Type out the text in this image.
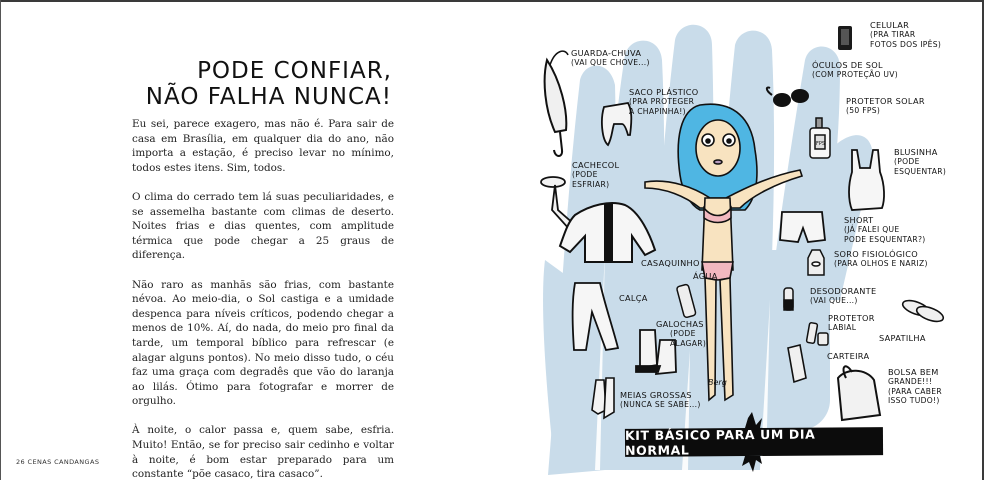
PODE CONFIAR,
NÃO FALHA NUNCA!

Eu sei, parece exagero, mas não é. Para sair de casa em Brasília, em qualquer dia do ano, não importa a estação, é preciso levar no mínimo, todos estes itens. Sim, todos.

O clima do cerrado tem lá suas peculiaridades, e se assemelha bastante com climas de deserto. Noites frias e dias quentes, com amplitude térmica que pode chegar a 25 graus de diferença.

Não raro as manhãs são frias, com bastante névoa. Ao meio-dia, o Sol castiga e a umidade despenca para níveis críticos, podendo chegar a menos de 10%. Aí, do nada, do meio pro final da tarde, um temporal bíblico para refrescar (e alagar alguns pontos). No meio disso tudo, o céu faz uma graça com degradês que vão do laranja ao lilás. Ótimo para fotografar e morrer de orgulho.

À noite, o calor passa e, quem sabe, esfria. Muito! Então, se for preciso sair cedinho e voltar à noite, é bom estar preparado para um constante “põe casaco, tira casaco”.

26 CENAS CANDANGAS
FPS
Berg
GUARDA-CHUVA
(VAI QUE CHOVE...)
SACO PLÁSTICO
(PRA PROTEGER
A CHAPINHA!)
CELULAR
(PRA TIRAR
FOTOS DOS IPÊS)
ÓCULOS DE SOL
(COM PROTEÇÃO UV)
PROTETOR SOLAR
(50 FPS)
CACHECOL
(PODE
ESFRIAR)
BLUSINHA
(PODE
ESQUENTAR)
SHORT
(JÁ FALEI QUE
PODE ESQUENTAR?)
CASAQUINHO
ÁGUA
SORO FISIOLÓGICO
(PARA OLHOS E NARIZ)
CALÇA
DESODORANTE
(VAI QUE...)
GALOCHAS
(PODE
ALAGAR)
PROTETOR
LABIAL
SAPATILHA
CARTEIRA
BOLSA BEM
GRANDE!!!
(PARA CABER
ISSO TUDO!)
MEIAS GROSSAS
(NUNCA SE SABE...)
KIT BÁSICO PARA UM DIA NORMAL
